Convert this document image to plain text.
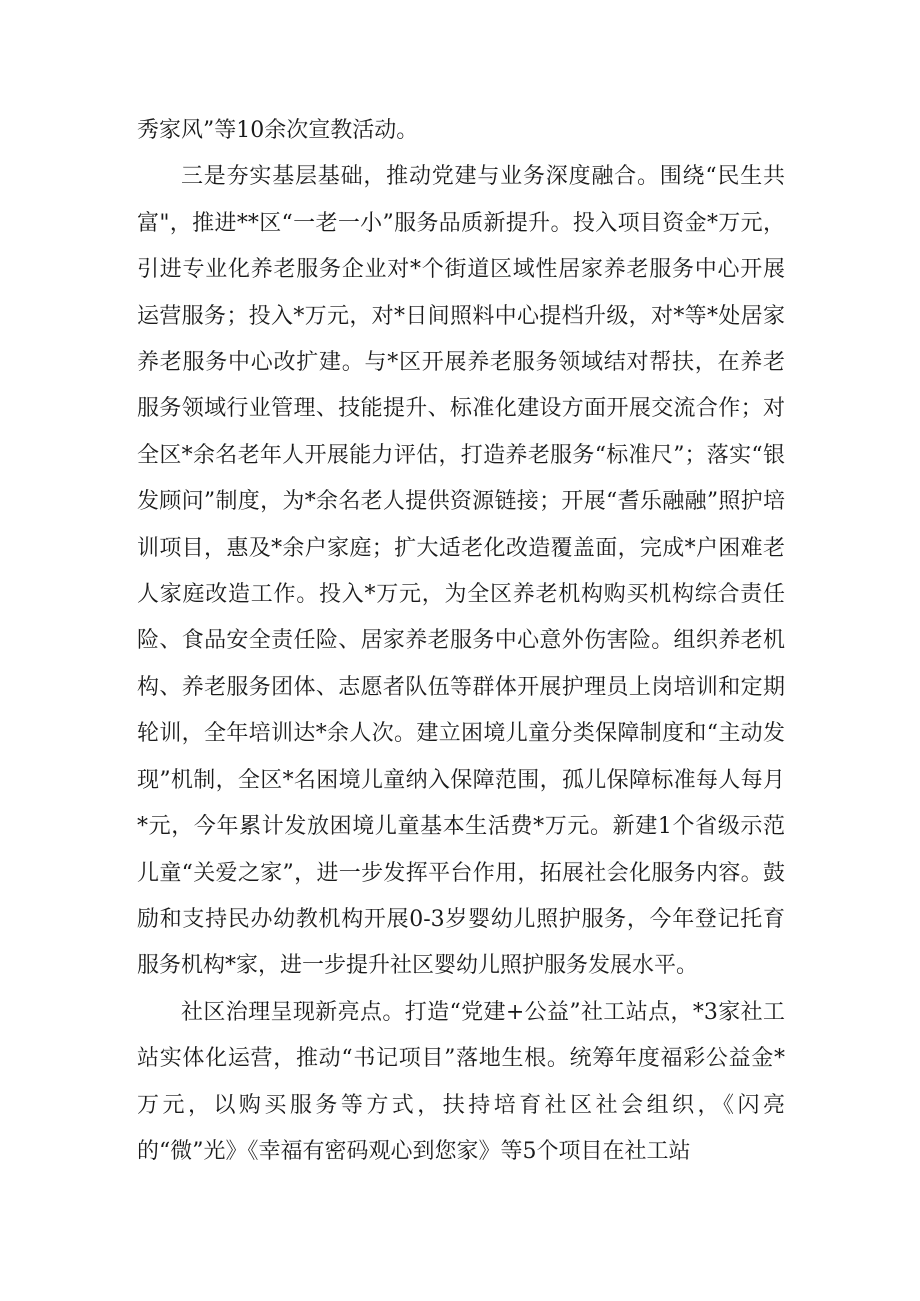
秀家风”等10余次宣教活动。

三是夯实基层基础，推动党建与业务深度融合。围绕“民生共富"，推进**区“一老一小”服务品质新提升。投入项目资金*万元，引进专业化养老服务企业对*个街道区域性居家养老服务中心开展运营服务；投入*万元，对*日间照料中心提档升级，对*等*处居家养老服务中心改扩建。与*区开展养老服务领域结对帮扶，在养老服务领域行业管理、技能提升、标准化建设方面开展交流合作；对全区*余名老年人开展能力评估，打造养老服务“标准尺”；落实“银发顾问”制度，为*余名老人提供资源链接；开展“耆乐融融”照护培训项目，惠及*余户家庭；扩大适老化改造覆盖面，完成*户困难老人家庭改造工作。投入*万元，为全区养老机构购买机构综合责任险、食品安全责任险、居家养老服务中心意外伤害险。组织养老机构、养老服务团体、志愿者队伍等群体开展护理员上岗培训和定期轮训，全年培训达*余人次。建立困境儿童分类保障制度和“主动发现”机制，全区*名困境儿童纳入保障范围，孤儿保障标准每人每月*元，今年累计发放困境儿童基本生活费*万元。新建1个省级示范儿童“关爱之家”，进一步发挥平台作用，拓展社会化服务内容。鼓励和支持民办幼教机构开展0-3岁婴幼儿照护服务，今年登记托育服务机构*家，进一步提升社区婴幼儿照护服务发展水平。

社区治理呈现新亮点。打造“党建+公益”社工站点，*3家社工站实体化运营，推动“书记项目”落地生根。统筹年度福彩公益金*万元，以购买服务等方式，扶持培育社区社会组织，《闪亮的“微”光》《幸福有密码观心到您家》等5个项目在社工站
